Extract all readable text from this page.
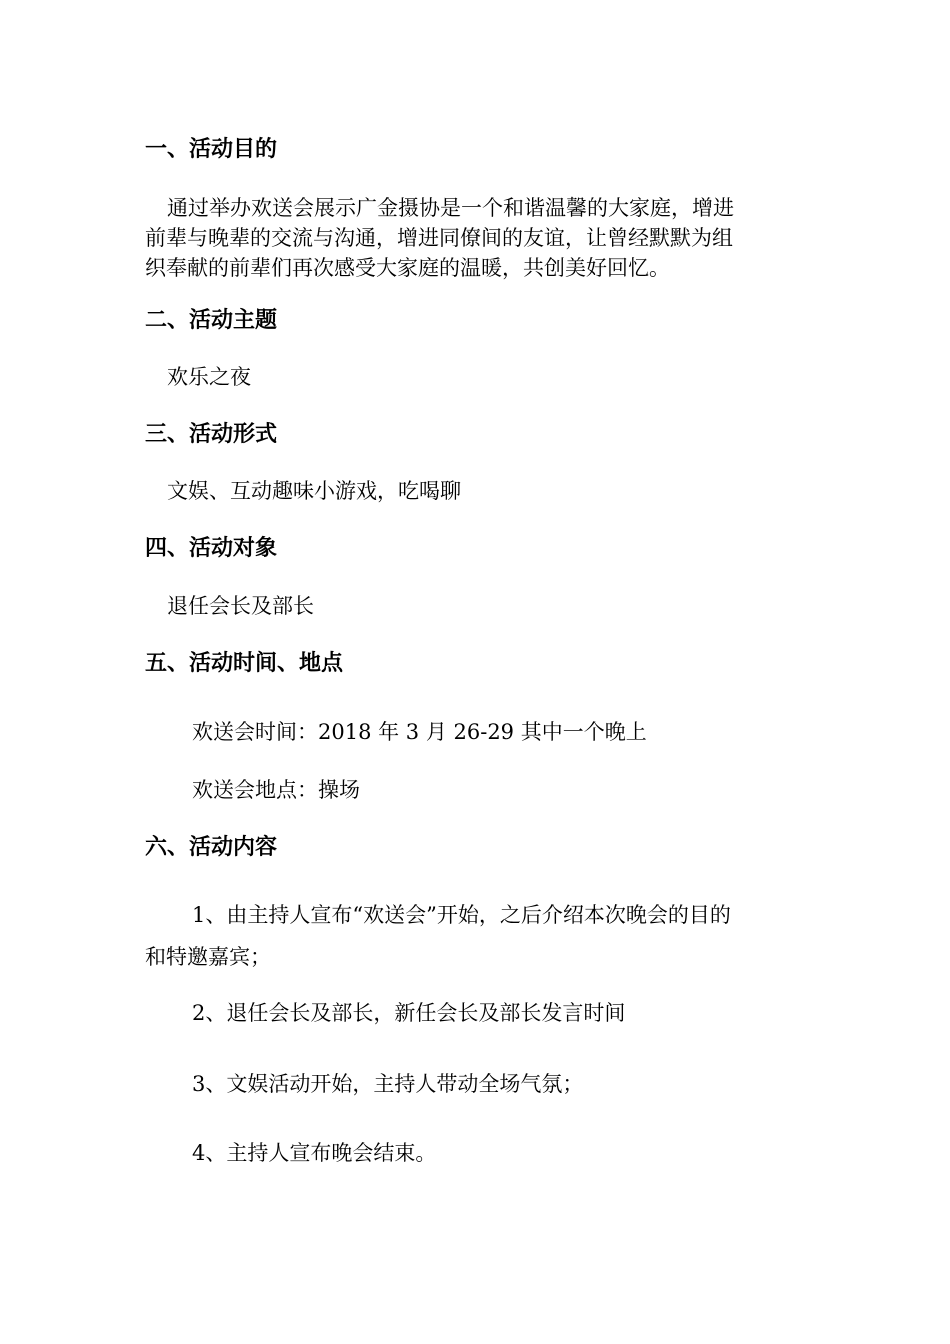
一、活动目的
通过举办欢送会展示广金摄协是一个和谐温馨的大家庭，增进
前辈与晚辈的交流与沟通，增进同僚间的友谊，让曾经默默为组
织奉献的前辈们再次感受大家庭的温暖，共创美好回忆。
二、活动主题
欢乐之夜
三、活动形式
文娱、互动趣味小游戏，吃喝聊
四、活动对象
退任会长及部长
五、活动时间、地点
欢送会时间：2018 年 3 月 26-29 其中一个晚上
欢送会地点：操场
六、活动内容
1、由主持人宣布“欢送会”开始，之后介绍本次晚会的目的
和特邀嘉宾；
2、退任会长及部长，新任会长及部长发言时间
3、文娱活动开始，主持人带动全场气氛；
4、主持人宣布晚会结束。
